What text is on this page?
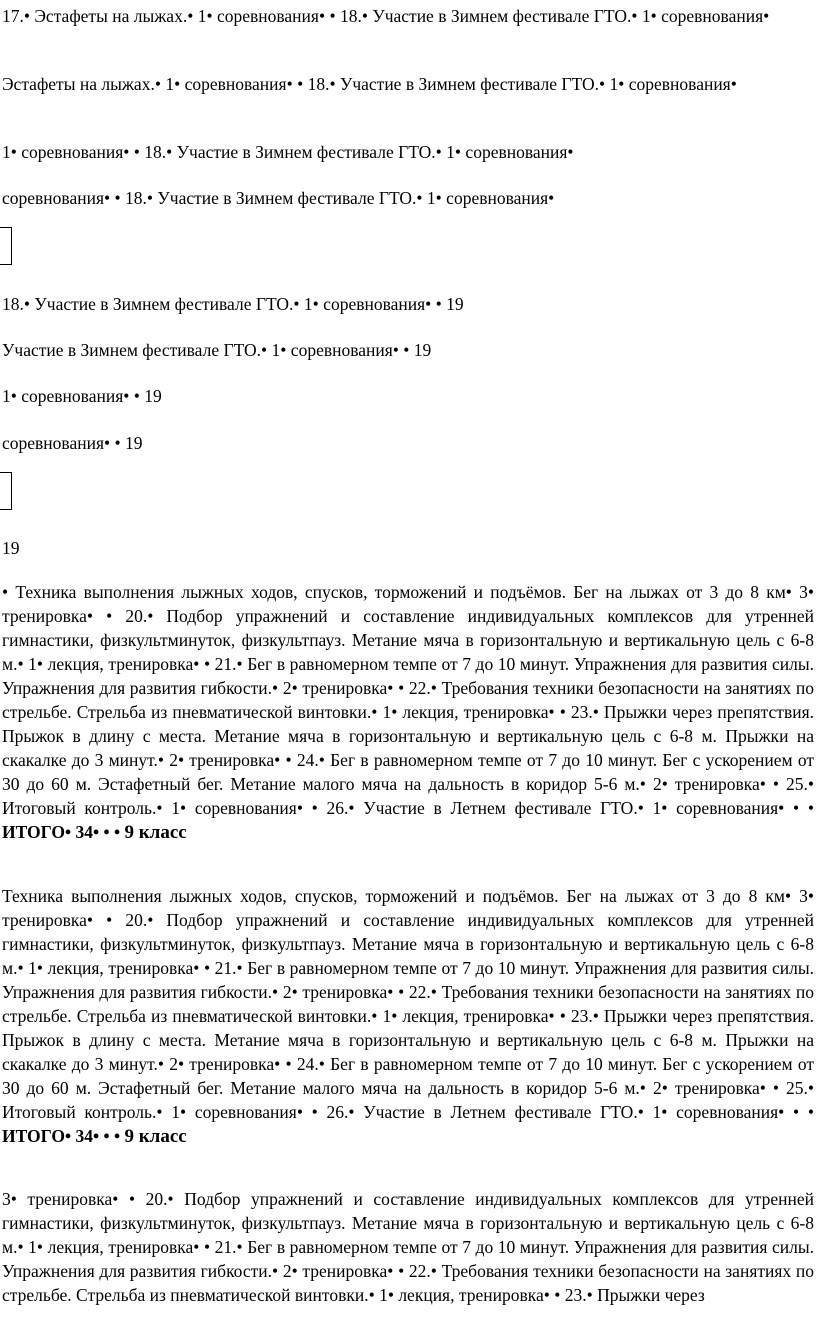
17.• Эстафеты на лыжах.• 1• соревнования• • 18.• Участие в Зимнем фестивале ГТО.• 1• соревнования•

Эстафеты на лыжах.• 1• соревнования• • 18.• Участие в Зимнем фестивале ГТО.• 1• соревнования•

1• соревнования• • 18.• Участие в Зимнем фестивале ГТО.• 1• соревнования•

соревнования• • 18.• Участие в Зимнем фестивале ГТО.• 1• соревнования•

18.• Участие в Зимнем фестивале ГТО.• 1• соревнования• • 19

Участие в Зимнем фестивале ГТО.• 1• соревнования• • 19

1• соревнования• • 19

соревнования• • 19

19

• Техника выполнения лыжных ходов, спусков, торможений и подъёмов. Бег на лыжах от 3 до 8 км• 3• тренировка• • 20.• Подбор упражнений и составление индивидуальных комплексов для утренней гимнастики, физкультминуток, физкультпауз. Метание мяча в горизонтальную и вертикальную цель с 6-8 м.• 1• лекция, тренировка• • 21.• Бег в равномерном темпе от 7 до 10 минут. Упражнения для развития силы. Упражнения для развития гибкости.• 2• тренировка• • 22.• Требования техники безопасности на занятиях по стрельбе. Стрельба из пневматической винтовки.• 1• лекция, тренировка• • 23.• Прыжки через препятствия. Прыжок в длину с места. Метание мяча в горизонтальную и вертикальную цель с 6-8 м. Прыжки на скакалке до 3 минут.• 2• тренировка• • 24.• Бег в равномерном темпе от 7 до 10 минут. Бег с ускорением от 30 до 60 м. Эстафетный бег. Метание малого мяча на дальность в коридор 5-6 м.• 2• тренировка• • 25.• Итоговый контроль.• 1• соревнования• • 26.• Участие в Летнем фестивале ГТО.• 1• соревнования• • • ИТОГО• 34• • • 9 класс

Техника выполнения лыжных ходов, спусков, торможений и подъёмов. Бег на лыжах от 3 до 8 км• 3• тренировка• • 20.• Подбор упражнений и составление индивидуальных комплексов для утренней гимнастики, физкультминуток, физкультпауз. Метание мяча в горизонтальную и вертикальную цель с 6-8 м.• 1• лекция, тренировка• • 21.• Бег в равномерном темпе от 7 до 10 минут. Упражнения для развития силы. Упражнения для развития гибкости.• 2• тренировка• • 22.• Требования техники безопасности на занятиях по стрельбе. Стрельба из пневматической винтовки.• 1• лекция, тренировка• • 23.• Прыжки через препятствия. Прыжок в длину с места. Метание мяча в горизонтальную и вертикальную цель с 6-8 м. Прыжки на скакалке до 3 минут.• 2• тренировка• • 24.• Бег в равномерном темпе от 7 до 10 минут. Бег с ускорением от 30 до 60 м. Эстафетный бег. Метание малого мяча на дальность в коридор 5-6 м.• 2• тренировка• • 25.• Итоговый контроль.• 1• соревнования• • 26.• Участие в Летнем фестивале ГТО.• 1• соревнования• • • ИТОГО• 34• • • 9 класс

3• тренировка• • 20.• Подбор упражнений и составление индивидуальных комплексов для утренней гимнастики, физкультминуток, физкультпауз. Метание мяча в горизонтальную и вертикальную цель с 6-8 м.• 1• лекция, тренировка• • 21.• Бег в равномерном темпе от 7 до 10 минут. Упражнения для развития силы. Упражнения для развития гибкости.• 2• тренировка• • 22.• Требования техники безопасности на занятиях по стрельбе. Стрельба из пневматической винтовки.• 1• лекция, тренировка• • 23.• Прыжки через
